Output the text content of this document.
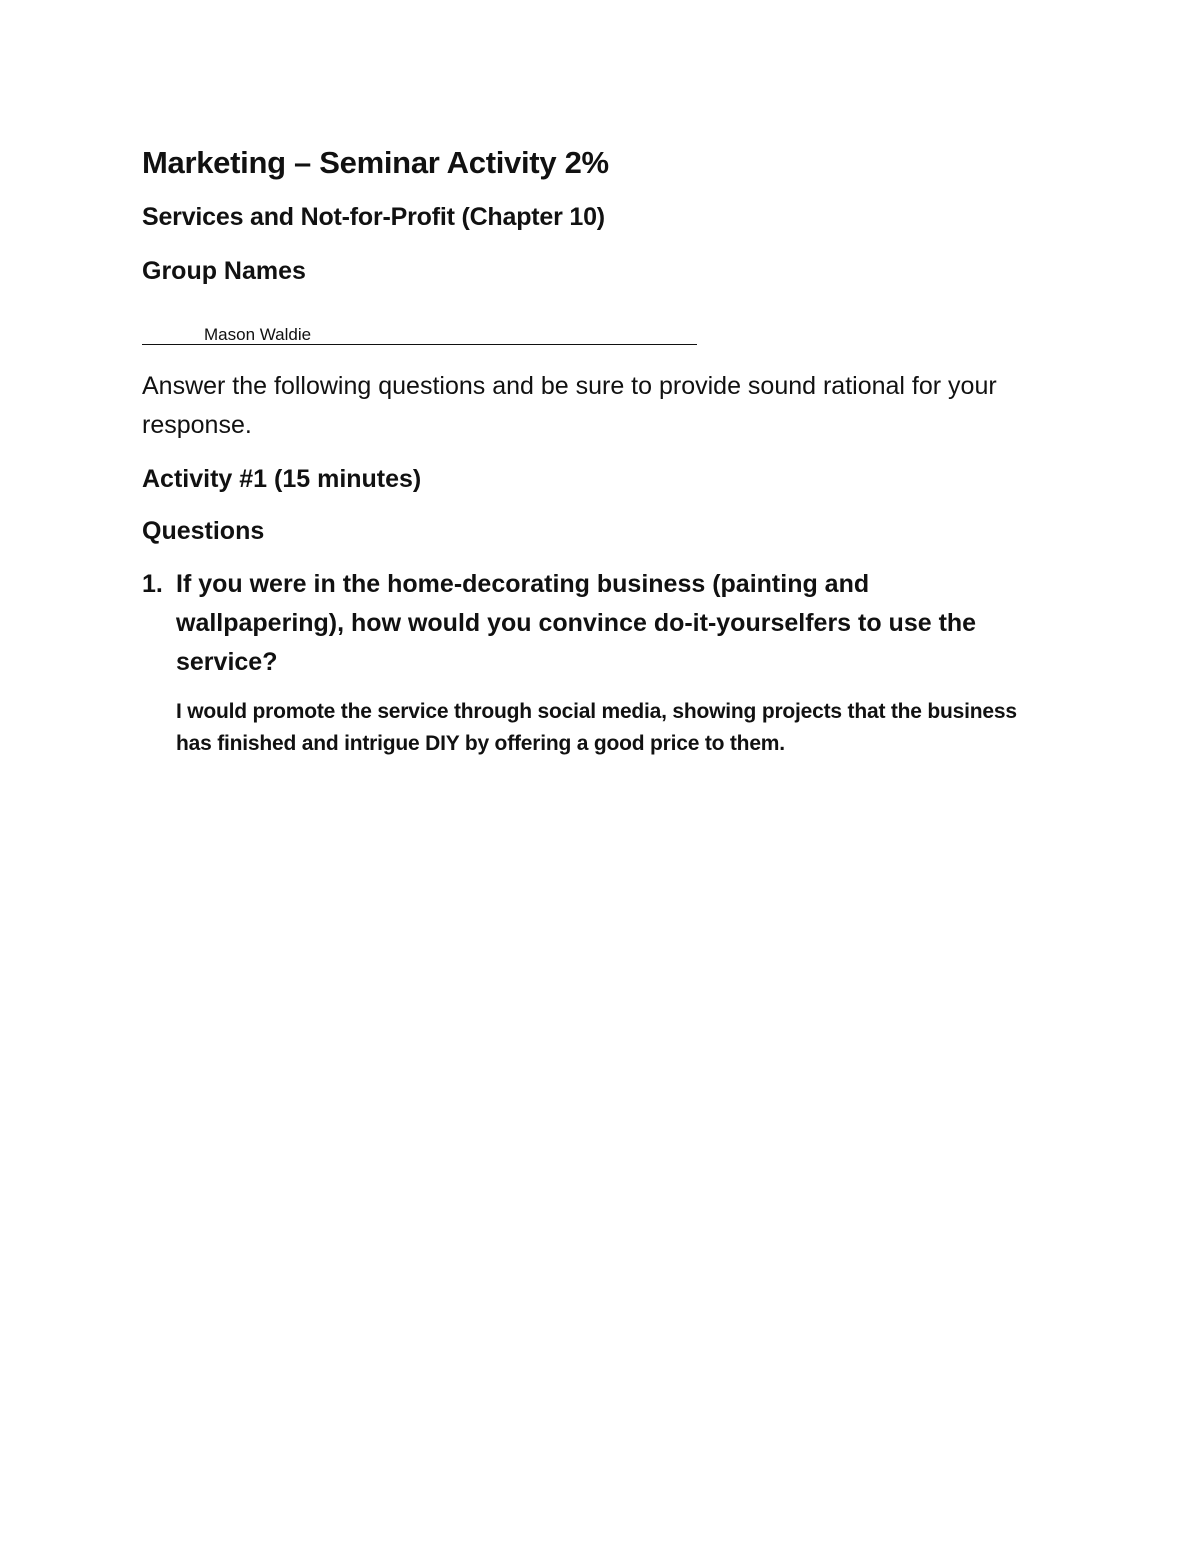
Marketing – Seminar Activity 2%
Services and Not-for-Profit (Chapter 10)
Group Names
Mason Waldie

Answer the following questions and be sure to provide sound rational for your response.

Activity #1 (15 minutes)
Questions
1. If you were in the home-decorating business (painting and wallpapering), how would you convince do-it-yourselfers to use the service?

I would promote the service through social media, showing projects that the business has finished and intrigue DIY by offering a good price to them.
